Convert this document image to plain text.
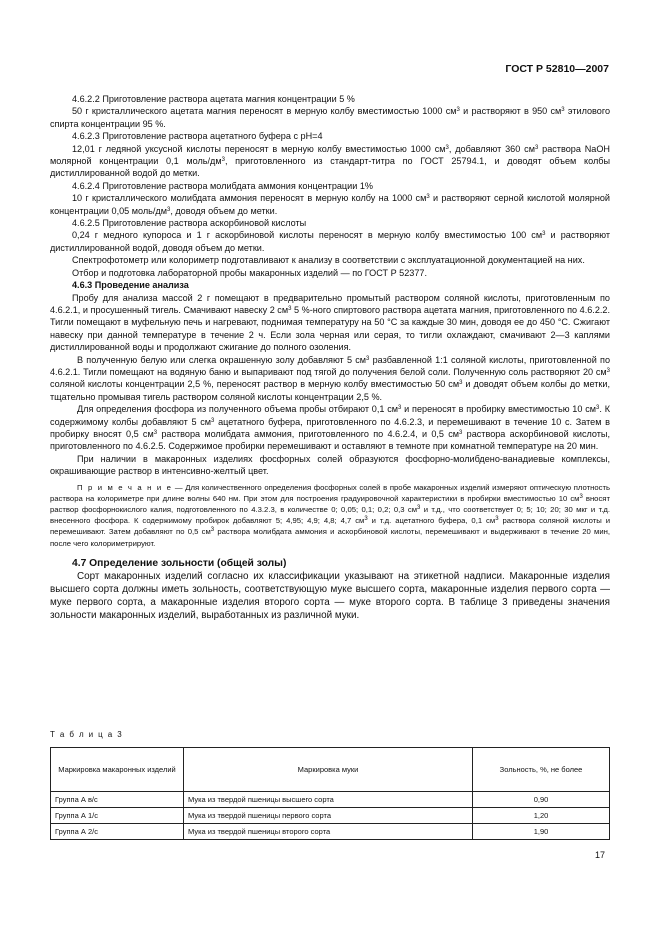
ГОСТ Р 52810—2007

4.6.2.2 Приготовление раствора ацетата магния концентрации 5 %

50 г кристаллического ацетата магния переносят в мерную колбу вместимостью 1000 $см^3$ и растворяют в 950 $см^3$ этилового спирта концентрации 95 %.

4.6.2.3 Приготовление раствора ацетатного буфера с pH=4

12,01 г ледяной уксусной кислоты переносят в мерную колбу вместимостью 1000 $см^3$, добавляют 360 $см^3$ раствора NaOH молярной концентрации 0,1 моль/$дм^3$, приготовленного из стандарт-титра по ГОСТ 25794.1, и доводят объем колбы дистиллированной водой до метки.

4.6.2.4 Приготовление раствора молибдата аммония концентрации 1%

10 г кристаллического молибдата аммония переносят в мерную колбу на 1000 $см^3$ и растворяют серной кислотой молярной концентрации 0,05 моль/$дм^3$, доводя объем до метки.

4.6.2.5 Приготовление раствора аскорбиновой кислоты

0,24 г медного купороса и 1 г аскорбиновой кислоты переносят в мерную колбу вместимостью 100 $см^3$ и растворяют дистиллированной водой, доводя объем до метки.

Спектрофотометр или колориметр подготавливают к анализу в соответствии с эксплуатационной документацией на них.

Отбор и подготовка лабораторной пробы макаронных изделий — по ГОСТ Р 52377.

4.6.3 Проведение анализа

Пробу для анализа массой 2 г помещают в предварительно промытый раствором соляной кислоты, приготовленным по 4.6.2.1, и просушенный тигель. Смачивают навеску 2 $см^3$ 5 %-ного спиртового раствора ацетата магния, приготовленного по 4.6.2.2. Тигли помещают в муфельную печь и нагревают, поднимая температуру на 50 °С за каждые 30 мин, доводя ее до 450 °С. Сжигают навеску при данной температуре в течение 2 ч. Если зола черная или серая, то тигли охлаждают, смачивают 2—3 каплями дистиллированной воды и продолжают сжигание до полного озоления.

В полученную белую или слегка окрашенную золу добавляют 5 $см^3$ разбавленной 1:1 соляной кислоты, приготовленной по 4.6.2.1. Тигли помещают на водяную баню и выпаривают под тягой до получения белой соли. Полученную соль растворяют 20 $см^3$ соляной кислоты концентрации 2,5 %, переносят раствор в мерную колбу вместимостью 50 $см^3$ и доводят объем колбы до метки, тщательно промывая тигель раствором соляной кислоты концентрации 2,5 %.

Для определения фосфора из полученного объема пробы отбирают 0,1 $см^3$ и переносят в пробирку вместимостью 10 $см^3$. К содержимому колбы добавляют 5 $см^3$ ацетатного буфера, приготовленного по 4.6.2.3, и перемешивают в течение 10 с. Затем в пробирку вносят 0,5 $см^3$ раствора молибдата аммония, приготовленного по 4.6.2.4, и 0,5 $см^3$ раствора аскорбиновой кислоты, приготовленного по 4.6.2.5. Содержимое пробирки перемешивают и оставляют в темноте при комнатной температуре на 20 мин.

При наличии в макаронных изделиях фосфорных солей образуются фосфорно-молибдено-ванадиевые комплексы, окрашивающие раствор в интенсивно-желтый цвет.

П р и м е ч а н и е — Для количественного определения фосфорных солей в пробе макаронных изделий измеряют оптическую плотность раствора на колориметре при длине волны 640 нм. При этом для построения градуировочной характеристики в пробирки вместимостью 10 $см^3$ вносят раствор фосфорнокислого калия, подготовленного по 4.3.2.3, в количестве 0; 0,05; 0,1; 0,2; 0,3 $см^3$ и т.д., что соответствует 0; 5; 10; 20; 30 мкг и т.д. внесенного фосфора. К содержимому пробирок добавляют 5; 4,95; 4,9; 4,8; 4,7 $см^3$ и т.д. ацетатного буфера, 0,1 $см^3$ раствора соляной кислоты и перемешивают. Затем добавляют по 0,5 $см^3$ раствора молибдата аммония и аскорбиновой кислоты, перемешивают и выдерживают в течение 20 мин, после чего колориметрируют.

4.7 Определение зольности (общей золы)

Сорт макаронных изделий согласно их классификации указывают на этикетной надписи. Макаронные изделия высшего сорта должны иметь зольность, соответствующую муке высшего сорта, макаронные изделия первого сорта — муке первого сорта, а макаронные изделия второго сорта — муке второго сорта. В таблице 3 приведены значения зольности макаронных изделий, выработанных из различной муки.

Т а б л и ц а 3
Маркировка макаронных изделий	Маркировка муки	Зольность, %, не более
Группа А в/с	Мука из твердой пшеницы высшего сорта	0,90
Группа А 1/с	Мука из твердой пшеницы первого сорта	1,20
Группа А 2/с	Мука из твердой пшеницы второго сорта	1,90
17
